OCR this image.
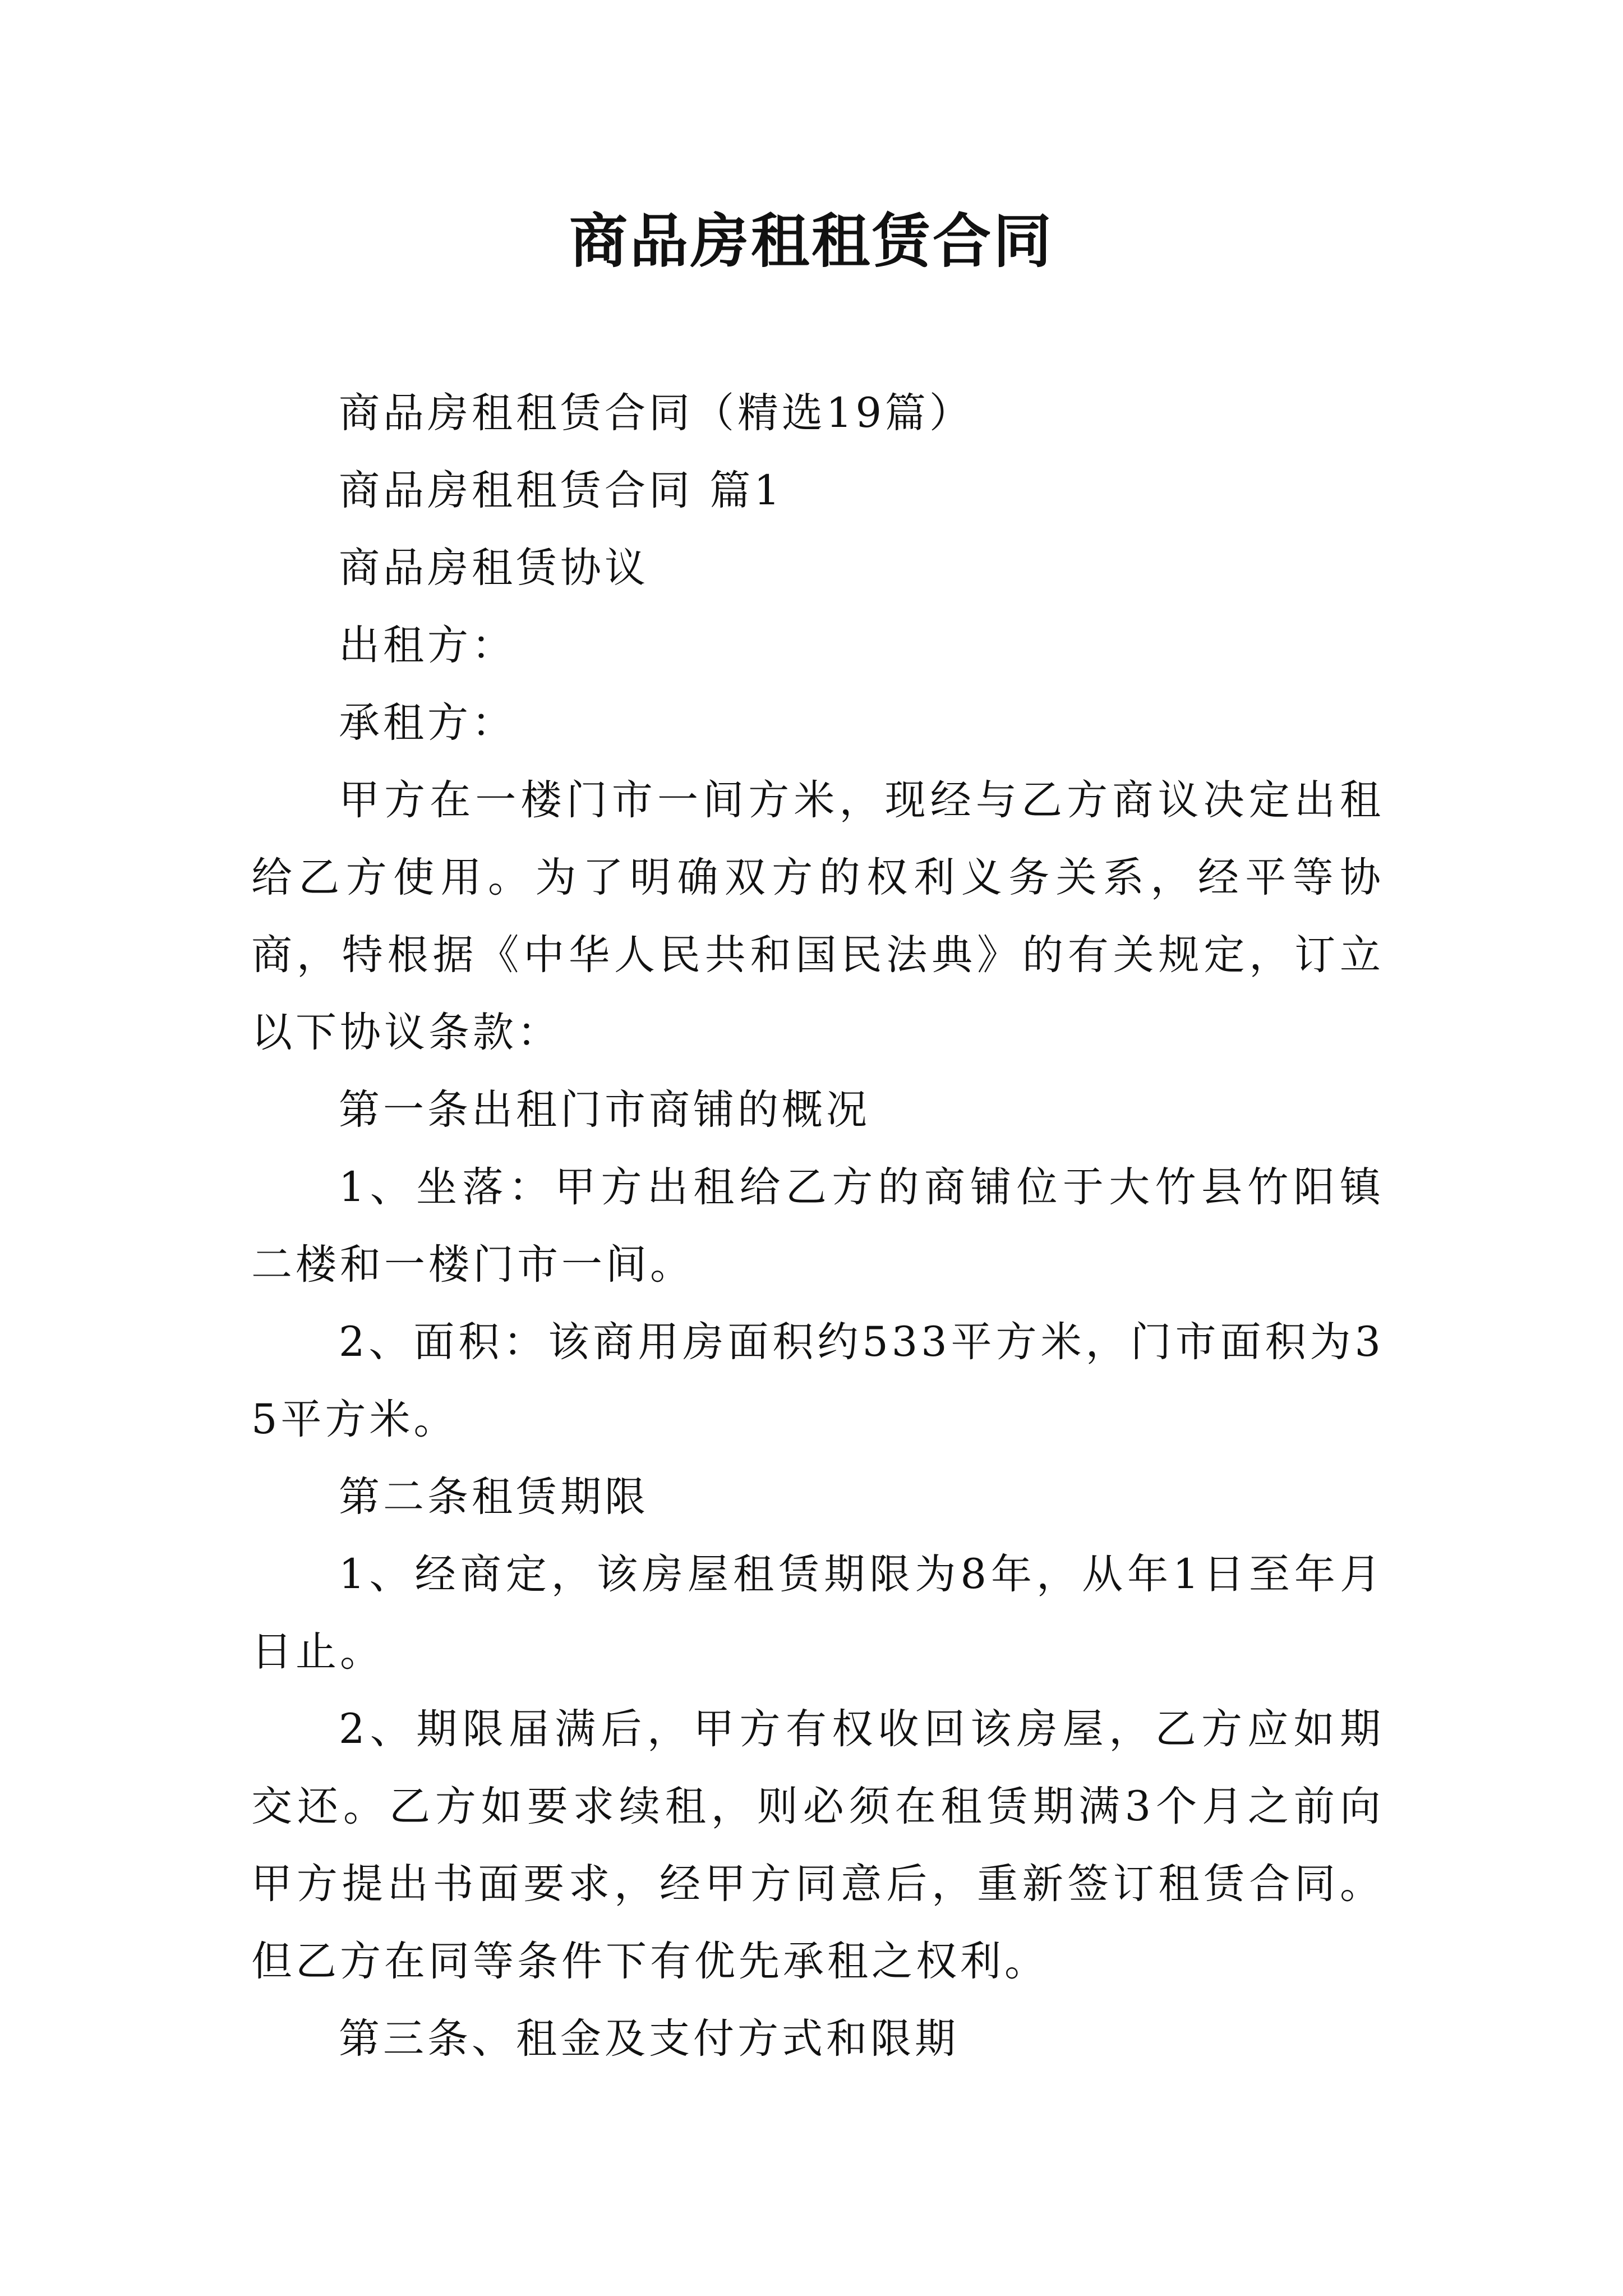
商品房租租赁合同

商品房租租赁合同（精选19篇）

商品房租租赁合同 篇1

商品房租赁协议

出租方：

承租方：

甲方在一楼门市一间方米，现经与乙方商议决定出租给乙方使用。为了明确双方的权利义务关系，经平等协商，特根据《中华人民共和国民法典》的有关规定，订立以下协议条款：

第一条出租门市商铺的概况

1、坐落：甲方出租给乙方的商铺位于大竹县竹阳镇二楼和一楼门市一间。

2、面积：该商用房面积约533平方米，门市面积为35平方米。

第二条租赁期限

1、经商定，该房屋租赁期限为8年，从年1日至年月日止。

2、期限届满后，甲方有权收回该房屋，乙方应如期交还。乙方如要求续租，则必须在租赁期满3个月之前向甲方提出书面要求，经甲方同意后，重新签订租赁合同。但乙方在同等条件下有优先承租之权利。

第三条、租金及支付方式和限期
